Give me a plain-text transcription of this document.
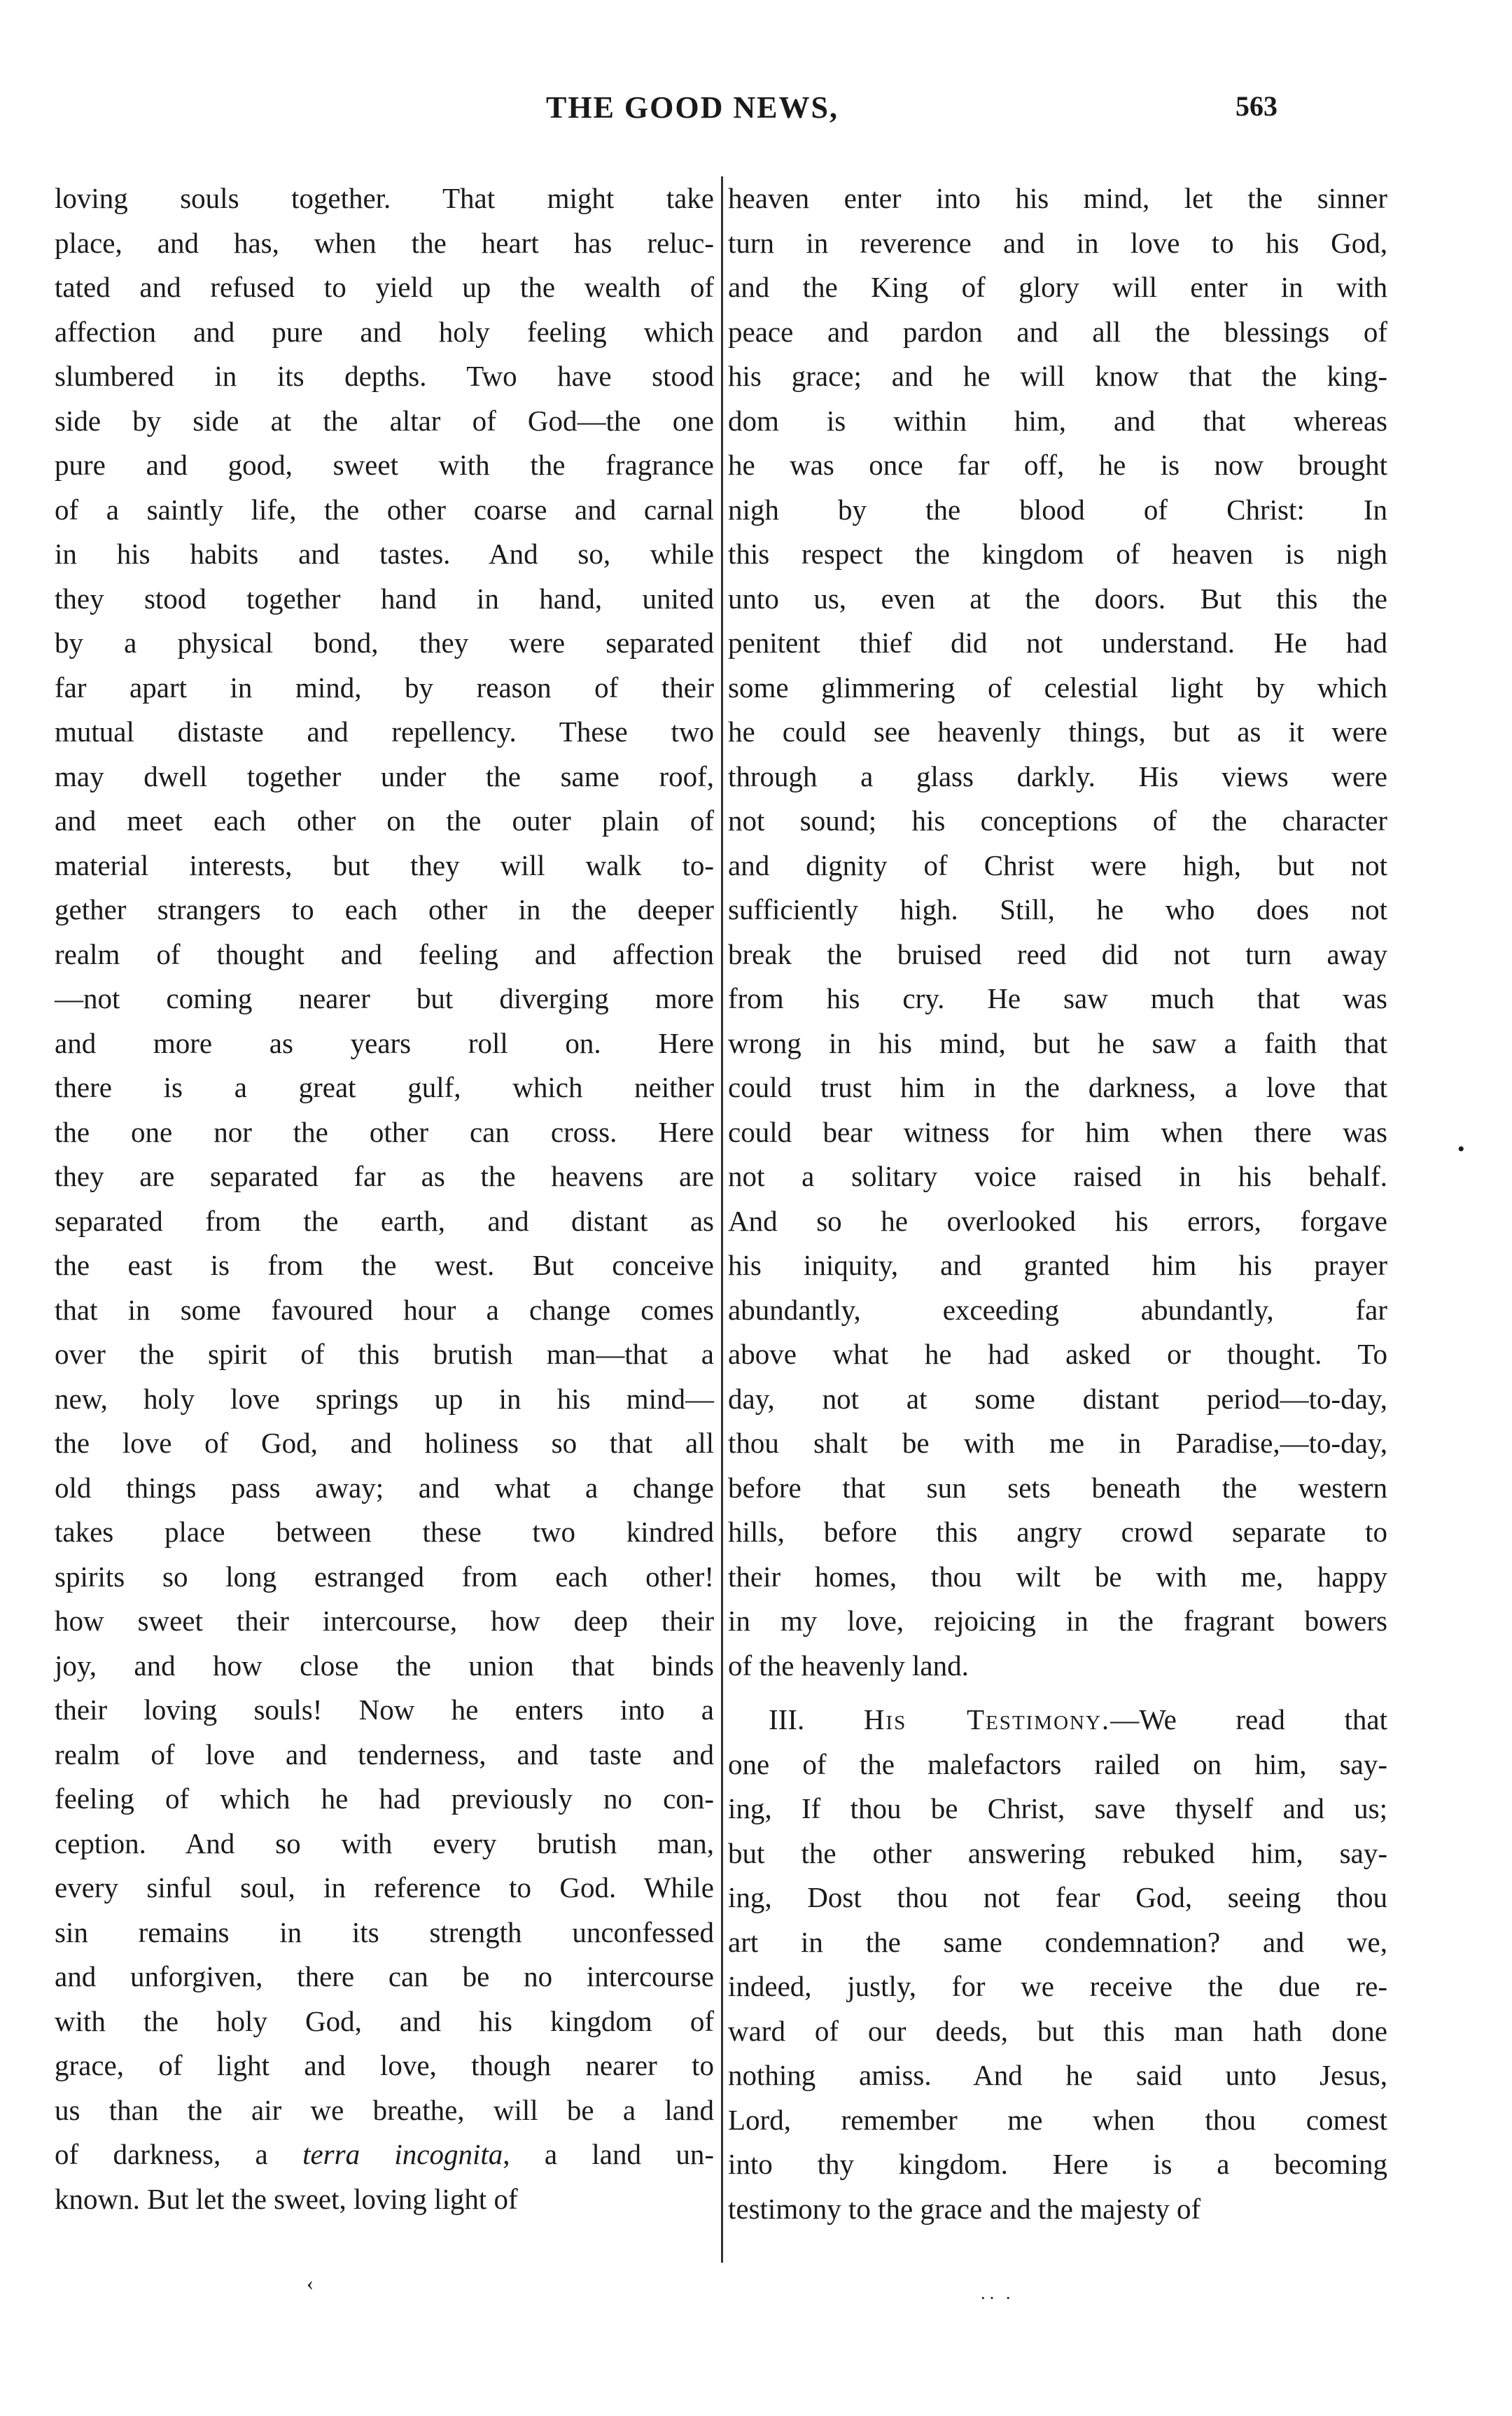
THE GOOD NEWS,	563
loving souls together. That might take
place, and has, when the heart has reluc-
tated and refused to yield up the wealth of
affection and pure and holy feeling which
slumbered in its depths. Two have stood
side by side at the altar of God—the one
pure and good, sweet with the fragrance
of a saintly life, the other coarse and carnal
in his habits and tastes. And so, while
they stood together hand in hand, united
by a physical bond, they were separated
far apart in mind, by reason of their
mutual distaste and repellency. These two
may dwell together under the same roof,
and meet each other on the outer plain of
material interests, but they will walk to-
gether strangers to each other in the deeper
realm of thought and feeling and affection
—not coming nearer but diverging more
and more as years roll on. Here
there is a great gulf, which neither
the one nor the other can cross. Here
they are separated far as the heavens are
separated from the earth, and distant as
the east is from the west. But conceive
that in some favoured hour a change comes
over the spirit of this brutish man—that a
new, holy love springs up in his mind—
the love of God, and holiness so that all
old things pass away; and what a change
takes place between these two kindred
spirits so long estranged from each other!
how sweet their intercourse, how deep their
joy, and how close the union that binds
their loving souls! Now he enters into a
realm of love and tenderness, and taste and
feeling of which he had previously no con-
ception. And so with every brutish man,
every sinful soul, in reference to God. While
sin remains in its strength unconfessed
and unforgiven, there can be no intercourse
with the holy God, and his kingdom of
grace, of light and love, though nearer to
us than the air we breathe, will be a land
of darkness, a terra incognita, a land un-
known. But let the sweet, loving light of
heaven enter into his mind, let the sinner
turn in reverence and in love to his God,
and the King of glory will enter in with
peace and pardon and all the blessings of
his grace; and he will know that the king-
dom is within him, and that whereas
he was once far off, he is now brought
nigh by the blood of Christ: In
this respect the kingdom of heaven is nigh
unto us, even at the doors. But this the
penitent thief did not understand. He had
some glimmering of celestial light by which
he could see heavenly things, but as it were
through a glass darkly. His views were
not sound; his conceptions of the character
and dignity of Christ were high, but not
sufficiently high. Still, he who does not
break the bruised reed did not turn away
from his cry. He saw much that was
wrong in his mind, but he saw a faith that
could trust him in the darkness, a love that
could bear witness for him when there was
not a solitary voice raised in his behalf.
And so he overlooked his errors, forgave
his iniquity, and granted him his prayer
abundantly, exceeding abundantly, far
above what he had asked or thought. To
day, not at some distant period—to-day,
thou shalt be with me in Paradise,—to-day,
before that sun sets beneath the western
hills, before this angry crowd separate to
their homes, thou wilt be with me, happy
in my love, rejoicing in the fragrant bowers
of the heavenly land.
III. His Testimony.—We read that
one of the malefactors railed on him, say-
ing, If thou be Christ, save thyself and us;
but the other answering rebuked him, say-
ing, Dost thou not fear God, seeing thou
art in the same condemnation? and we,
indeed, justly, for we receive the due re-
ward of our deeds, but this man hath done
nothing amiss. And he said unto Jesus,
Lord, remember me when thou comest
into thy kingdom. Here is a becoming
testimony to the grace and the majesty of
‹
•
·· ·
